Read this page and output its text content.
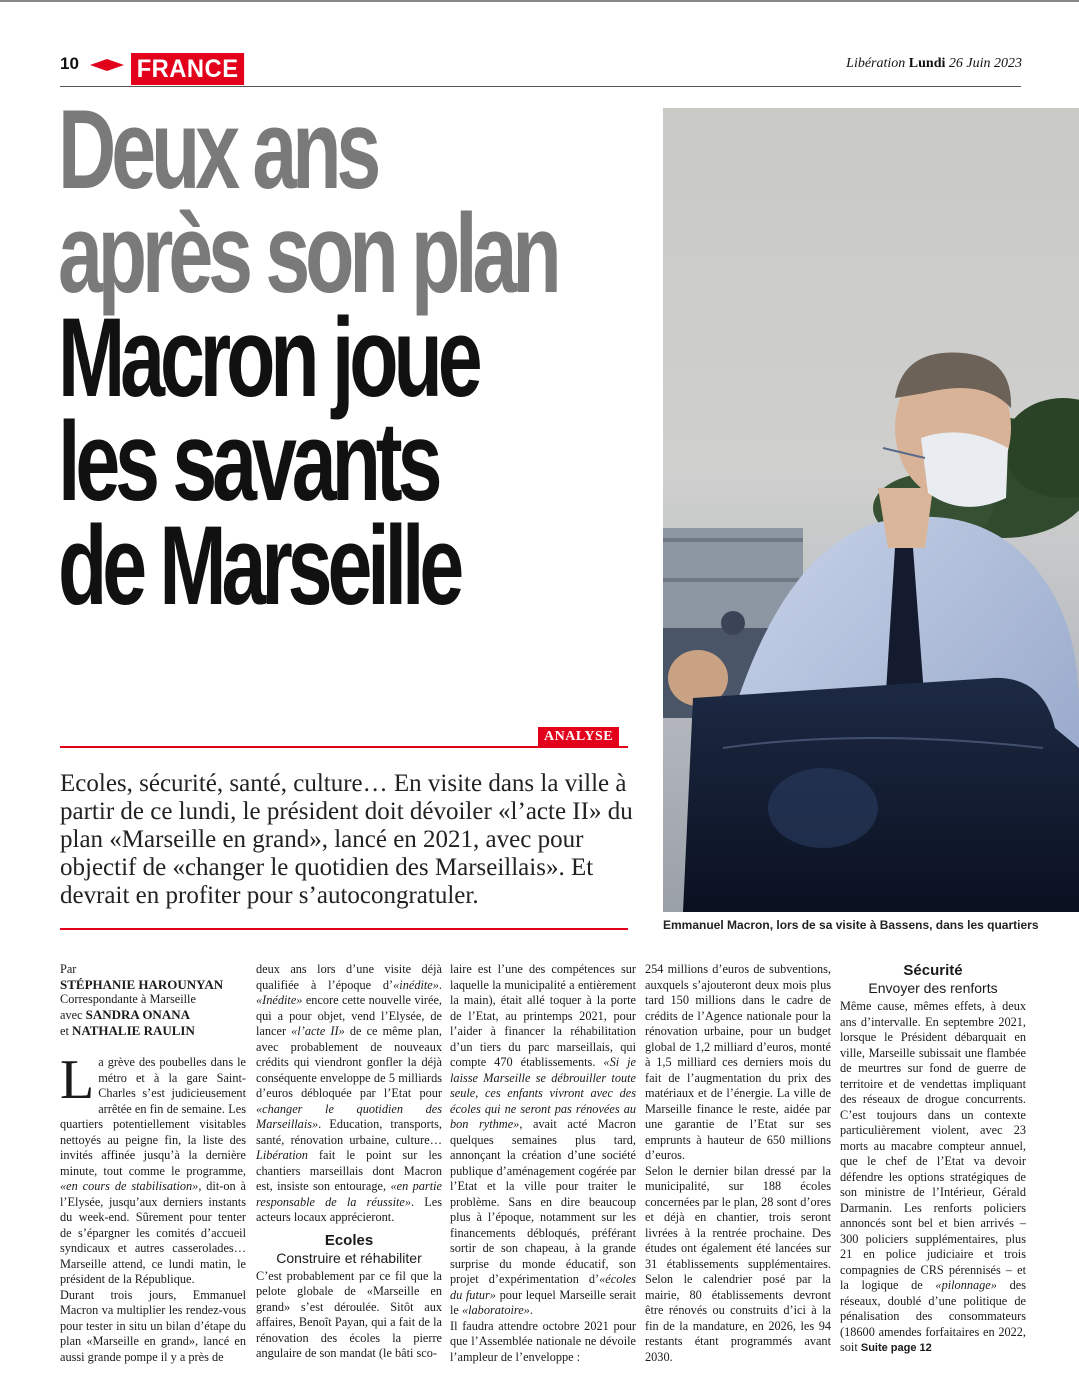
10 FRANCE	Libération Lundi 26 Juin 2023
Deux ans
après son plan
Macron joue
les savants
de Marseille
ANALYSE

Ecoles, sécurité, santé, culture… En visite dans la ville à partir de ce lundi, le président doit dévoiler «l’acte II» du plan «Marseille en grand», lancé en 2021, avec pour objectif de «changer le quotidien des Marseillais». Et devrait en profiter pour s’autocongratuler.

Emmanuel Macron, lors de sa visite à Bassens, dans les quartiers
Par
STÉPHANIE HAROUNYAN
Correspondante à Marseille
avec SANDRA ONANA
et NATHALIE RAULIN

La grève des poubelles dans le métro et à la gare Saint-Charles s’est judicieusement arrêtée en fin de semaine. Les quartiers potentiellement visitables nettoyés au peigne fin, la liste des invités affinée jusqu’à la dernière minute, tout comme le programme, «en cours de stabilisation», dit-on à l’Elysée, jusqu’aux derniers instants du week-end. Sûrement pour tenter de s’épargner les comités d’accueil syndicaux et autres casserolades… Marseille attend, ce lundi matin, le président de la République.

Durant trois jours, Emmanuel Macron va multiplier les rendez-vous pour tester in situ un bilan d’étape du plan «Marseille en grand», lancé en aussi grande pompe il y a près de

deux ans lors d’une visite déjà qualifiée à l’époque d’«inédite». «Inédite» encore cette nouvelle virée, qui a pour objet, vend l’Elysée, de lancer «l’acte II» de ce même plan, avec probablement de nouveaux crédits qui viendront gonfler la déjà conséquente enveloppe de 5 milliards d’euros débloquée par l’Etat pour «changer le quotidien des Marseillais». Education, transports, santé, rénovation urbaine, culture… Libération fait le point sur les chantiers marseillais dont Macron est, insiste son entourage, «en partie responsable de la réussite». Les acteurs locaux apprécieront.

Ecoles
Construire et réhabiliter

C’est probablement par ce fil que la pelote globale de «Marseille en grand» s’est déroulée. Sitôt aux affaires, Benoît Payan, qui a fait de la rénovation des écoles la pierre angulaire de son mandat (le bâti sco-

laire est l’une des compétences sur laquelle la municipalité a entièrement la main), était allé toquer à la porte de l’Etat, au printemps 2021, pour l’aider à financer la réhabilitation d’un tiers du parc marseillais, qui compte 470 établissements. «Si je laisse Marseille se débrouiller toute seule, ces enfants vivront avec des écoles qui ne seront pas rénovées au bon rythme», avait acté Macron quelques semaines plus tard, annonçant la création d’une société publique d’aménagement cogérée par l’Etat et la ville pour traiter le problème. Sans en dire beaucoup plus à l’époque, notamment sur les financements débloqués, préférant sortir de son chapeau, à la grande surprise du monde éducatif, son projet d’expérimentation d’«écoles du futur» pour lequel Marseille serait le «laboratoire».

Il faudra attendre octobre 2021 pour que l’Assemblée nationale ne dévoile l’ampleur de l’enveloppe :

254 millions d’euros de subventions, auxquels s’ajouteront deux mois plus tard 150 millions dans le cadre de crédits de l’Agence nationale pour la rénovation urbaine, pour un budget global de 1,2 milliard d’euros, monté à 1,5 milliard ces derniers mois du fait de l’augmentation du prix des matériaux et de l’énergie. La ville de Marseille finance le reste, aidée par une garantie de l’Etat sur ses emprunts à hauteur de 650 millions d’euros.

Selon le dernier bilan dressé par la municipalité, sur 188 écoles concernées par le plan, 28 sont d’ores et déjà en chantier, trois seront livrées à la rentrée prochaine. Des études ont également été lancées sur 31 établissements supplémentaires. Selon le calendrier posé par la mairie, 80 établissements devront être rénovés ou construits d’ici à la fin de la mandature, en 2026, les 94 restants étant programmés avant 2030.

Sécurité
Envoyer des renforts

Même cause, mêmes effets, à deux ans d’intervalle. En septembre 2021, lorsque le Président débarquait en ville, Marseille subissait une flambée de meurtres sur fond de guerre de territoire et de vendettas impliquant des réseaux de drogue concurrents. C’est toujours dans un contexte particulièrement violent, avec 23 morts au macabre compteur annuel, que le chef de l’Etat va devoir défendre les options stratégiques de son ministre de l’Intérieur, Gérald Darmanin. Les renforts policiers annoncés sont bel et bien arrivés – 300 policiers supplémentaires, plus 21 en police judiciaire et trois compagnies de CRS pérennisés – et la logique de «pilonnage» des réseaux, doublé d’une politique de pénalisation des consommateurs (18600 amendes forfaitaires en 2022, soit Suite page 12
